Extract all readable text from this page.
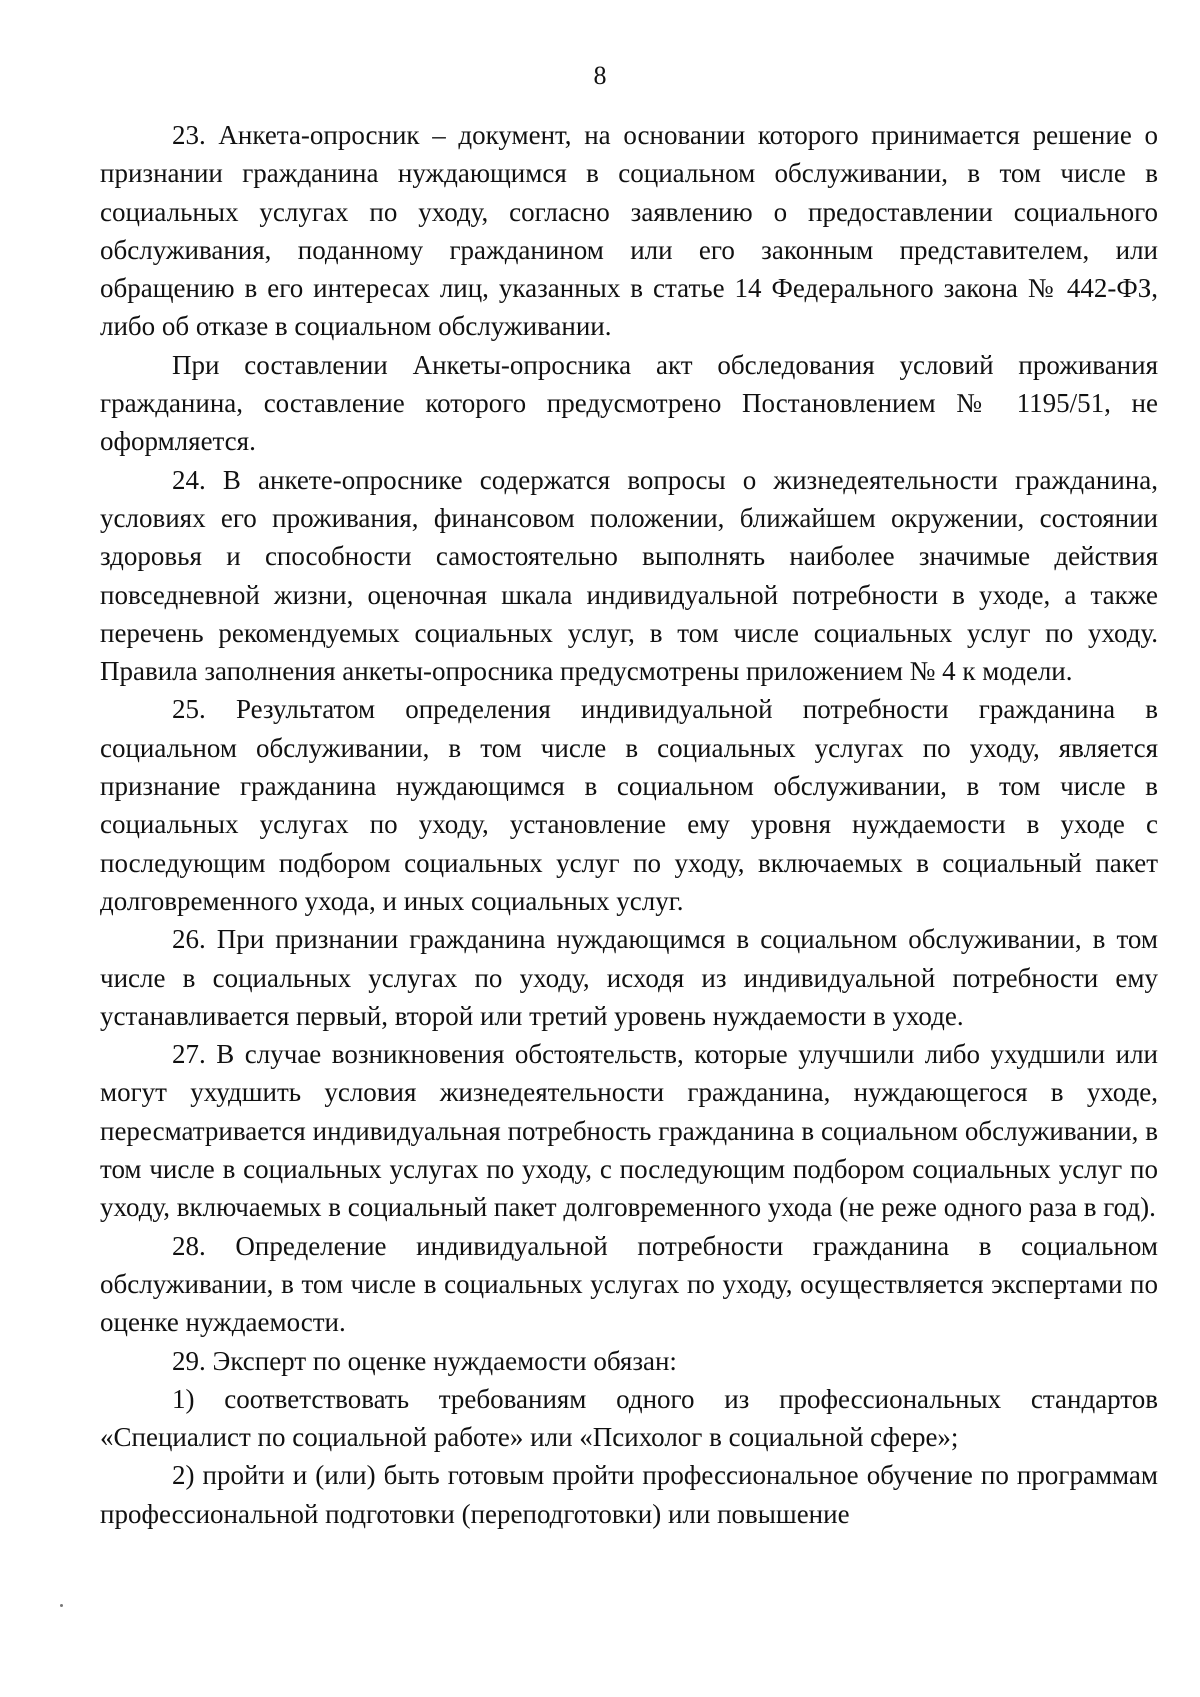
8

23. Анкета-опросник – документ, на основании которого принимается решение о признании гражданина нуждающимся в социальном обслуживании, в том числе в социальных услугах по уходу, согласно заявлению о предоставлении социального обслуживания, поданному гражданином или его законным представителем, или обращению в его интересах лиц, указанных в статье 14 Федерального закона № 442-ФЗ, либо об отказе в социальном обслуживании.

При составлении Анкеты-опросника акт обследования условий проживания гражданина, составление которого предусмотрено Постановлением № 1195/51, не оформляется.

24. В анкете-опроснике содержатся вопросы о жизнедеятельности гражданина, условиях его проживания, финансовом положении, ближайшем окружении, состоянии здоровья и способности самостоятельно выполнять наиболее значимые действия повседневной жизни, оценочная шкала индивидуальной потребности в уходе, а также перечень рекомендуемых социальных услуг, в том числе социальных услуг по уходу. Правила заполнения анкеты-опросника предусмотрены приложением № 4 к модели.

25. Результатом определения индивидуальной потребности гражданина в социальном обслуживании, в том числе в социальных услугах по уходу, является признание гражданина нуждающимся в социальном обслуживании, в том числе в социальных услугах по уходу, установление ему уровня нуждаемости в уходе с последующим подбором социальных услуг по уходу, включаемых в социальный пакет долговременного ухода, и иных социальных услуг.

26. При признании гражданина нуждающимся в социальном обслуживании, в том числе в социальных услугах по уходу, исходя из индивидуальной потребности ему устанавливается первый, второй или третий уровень нуждаемости в уходе.

27. В случае возникновения обстоятельств, которые улучшили либо ухудшили или могут ухудшить условия жизнедеятельности гражданина, нуждающегося в уходе, пересматривается индивидуальная потребность гражданина в социальном обслуживании, в том числе в социальных услугах по уходу, с последующим подбором социальных услуг по уходу, включаемых в социальный пакет долговременного ухода (не реже одного раза в год).

28. Определение индивидуальной потребности гражданина в социальном обслуживании, в том числе в социальных услугах по уходу, осуществляется экспертами по оценке нуждаемости.

29. Эксперт по оценке нуждаемости обязан:

1) соответствовать требованиям одного из профессиональных стандартов «Специалист по социальной работе» или «Психолог в социальной сфере»;

2) пройти и (или) быть готовым пройти профессиональное обучение по программам профессиональной подготовки (переподготовки) или повышение
